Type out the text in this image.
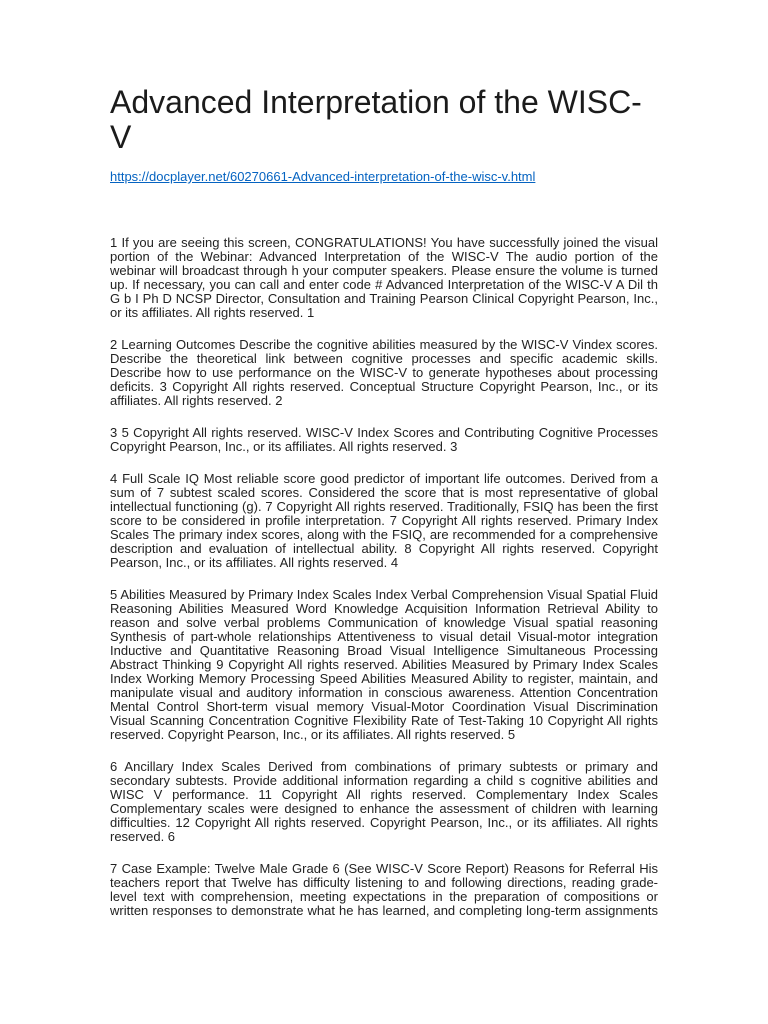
Advanced Interpretation of the WISC-V
https://docplayer.net/60270661-Advanced-interpretation-of-the-wisc-v.html

1 If you are seeing this screen, CONGRATULATIONS! You have successfully joined the visual portion of the Webinar: Advanced Interpretation of the WISC-V The audio portion of the webinar will broadcast through h your computer speakers. Please ensure the volume is turned up. If necessary, you can call and enter code # Advanced Interpretation of the WISC-V A Dil th G b I Ph D NCSP Director, Consultation and Training Pearson Clinical Copyright Pearson, Inc., or its affiliates. All rights reserved. 1

2 Learning Outcomes Describe the cognitive abilities measured by the WISC-V Vindex scores. Describe the theoretical link between cognitive processes and specific academic skills. Describe how to use performance on the WISC-V to generate hypotheses about processing deficits. 3 Copyright All rights reserved. Conceptual Structure Copyright Pearson, Inc., or its affiliates. All rights reserved. 2

3 5 Copyright All rights reserved. WISC-V Index Scores and Contributing Cognitive Processes Copyright Pearson, Inc., or its affiliates. All rights reserved. 3

4 Full Scale IQ Most reliable score good predictor of important life outcomes. Derived from a sum of 7 subtest scaled scores. Considered the score that is most representative of global intellectual functioning (g). 7 Copyright All rights reserved. Traditionally, FSIQ has been the first score to be considered in profile interpretation. 7 Copyright All rights reserved. Primary Index Scales The primary index scores, along with the FSIQ, are recommended for a comprehensive description and evaluation of intellectual ability. 8 Copyright All rights reserved. Copyright Pearson, Inc., or its affiliates. All rights reserved. 4

5 Abilities Measured by Primary Index Scales Index Verbal Comprehension Visual Spatial Fluid Reasoning Abilities Measured Word Knowledge Acquisition Information Retrieval Ability to reason and solve verbal problems Communication of knowledge Visual spatial reasoning Synthesis of part-whole relationships Attentiveness to visual detail Visual-motor integration Inductive and Quantitative Reasoning Broad Visual Intelligence Simultaneous Processing Abstract Thinking 9 Copyright All rights reserved. Abilities Measured by Primary Index Scales Index Working Memory Processing Speed Abilities Measured Ability to register, maintain, and manipulate visual and auditory information in conscious awareness. Attention Concentration Mental Control Short-term visual memory Visual-Motor Coordination Visual Discrimination Visual Scanning Concentration Cognitive Flexibility Rate of Test-Taking 10 Copyright All rights reserved. Copyright Pearson, Inc., or its affiliates. All rights reserved. 5

6 Ancillary Index Scales Derived from combinations of primary subtests or primary and secondary subtests. Provide additional information regarding a child s cognitive abilities and WISC V performance. 11 Copyright All rights reserved. Complementary Index Scales Complementary scales were designed to enhance the assessment of children with learning difficulties. 12 Copyright All rights reserved. Copyright Pearson, Inc., or its affiliates. All rights reserved. 6

7 Case Example: Twelve Male Grade 6 (See WISC-V Score Report) Reasons for Referral His teachers report that Twelve has difficulty listening to and following directions, reading grade-level text with comprehension, meeting expectations in the preparation of compositions or written responses to demonstrate what he has learned, and completing long-term assignments
